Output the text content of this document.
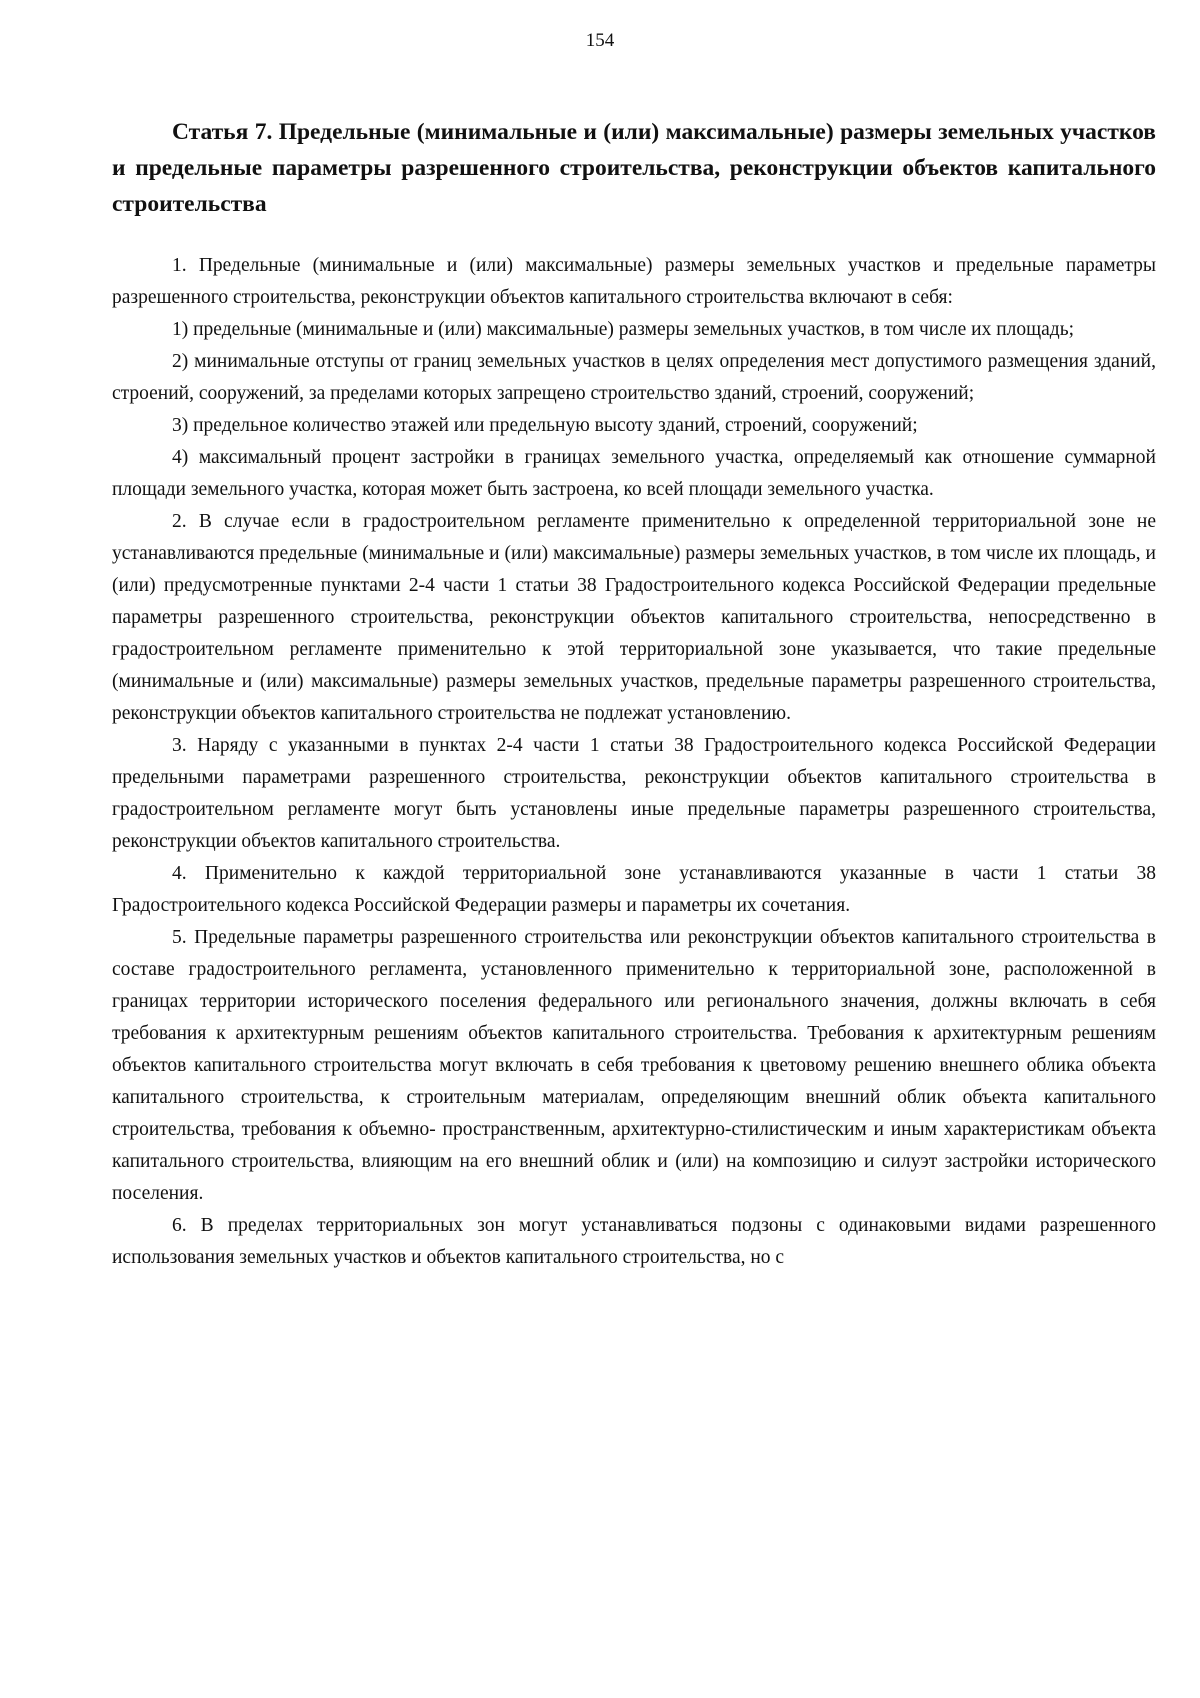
154
Статья 7. Предельные (минимальные и (или) максимальные) размеры земельных участков и предельные параметры разрешенного строительства, реконструкции объектов капитального строительства

1. Предельные (минимальные и (или) максимальные) размеры земельных участков и предельные параметры разрешенного строительства, реконструкции объектов капитального строительства включают в себя:

1) предельные (минимальные и (или) максимальные) размеры земельных участков, в том числе их площадь;

2) минимальные отступы от границ земельных участков в целях определения мест допустимого размещения зданий, строений, сооружений, за пределами которых запрещено строительство зданий, строений, сооружений;

3) предельное количество этажей или предельную высоту зданий, строений, сооружений;

4) максимальный процент застройки в границах земельного участка, определяемый как отношение суммарной площади земельного участка, которая может быть застроена, ко всей площади земельного участка.

2. В случае если в градостроительном регламенте применительно к определенной территориальной зоне не устанавливаются предельные (минимальные и (или) максимальные) размеры земельных участков, в том числе их площадь, и (или) предусмотренные пунктами 2-4 части 1 статьи 38 Градостроительного кодекса Российской Федерации предельные параметры разрешенного строительства, реконструкции объектов капитального строительства, непосредственно в градостроительном регламенте применительно к этой территориальной зоне указывается, что такие предельные (минимальные и (или) максимальные) размеры земельных участков, предельные параметры разрешенного строительства, реконструкции объектов капитального строительства не подлежат установлению.

3. Наряду с указанными в пунктах 2-4 части 1 статьи 38 Градостроительного кодекса Российской Федерации предельными параметрами разрешенного строительства, реконструкции объектов капитального строительства в градостроительном регламенте могут быть установлены иные предельные параметры разрешенного строительства, реконструкции объектов капитального строительства.

4. Применительно к каждой территориальной зоне устанавливаются указанные в части 1 статьи 38 Градостроительного кодекса Российской Федерации размеры и параметры их сочетания.

5. Предельные параметры разрешенного строительства или реконструкции объектов капитального строительства в составе градостроительного регламента, установленного применительно к территориальной зоне, расположенной в границах территории исторического поселения федерального или регионального значения, должны включать в себя требования к архитектурным решениям объектов капитального строительства. Требования к архитектурным решениям объектов капитального строительства могут включать в себя требования к цветовому решению внешнего облика объекта капитального строительства, к строительным материалам, определяющим внешний облик объекта капитального строительства, требования к объемно- пространственным, архитектурно-стилистическим и иным характеристикам объекта капитального строительства, влияющим на его внешний облик и (или) на композицию и силуэт застройки исторического поселения.

6. В пределах территориальных зон могут устанавливаться подзоны с одинаковыми видами разрешенного использования земельных участков и объектов капитального строительства, но с
